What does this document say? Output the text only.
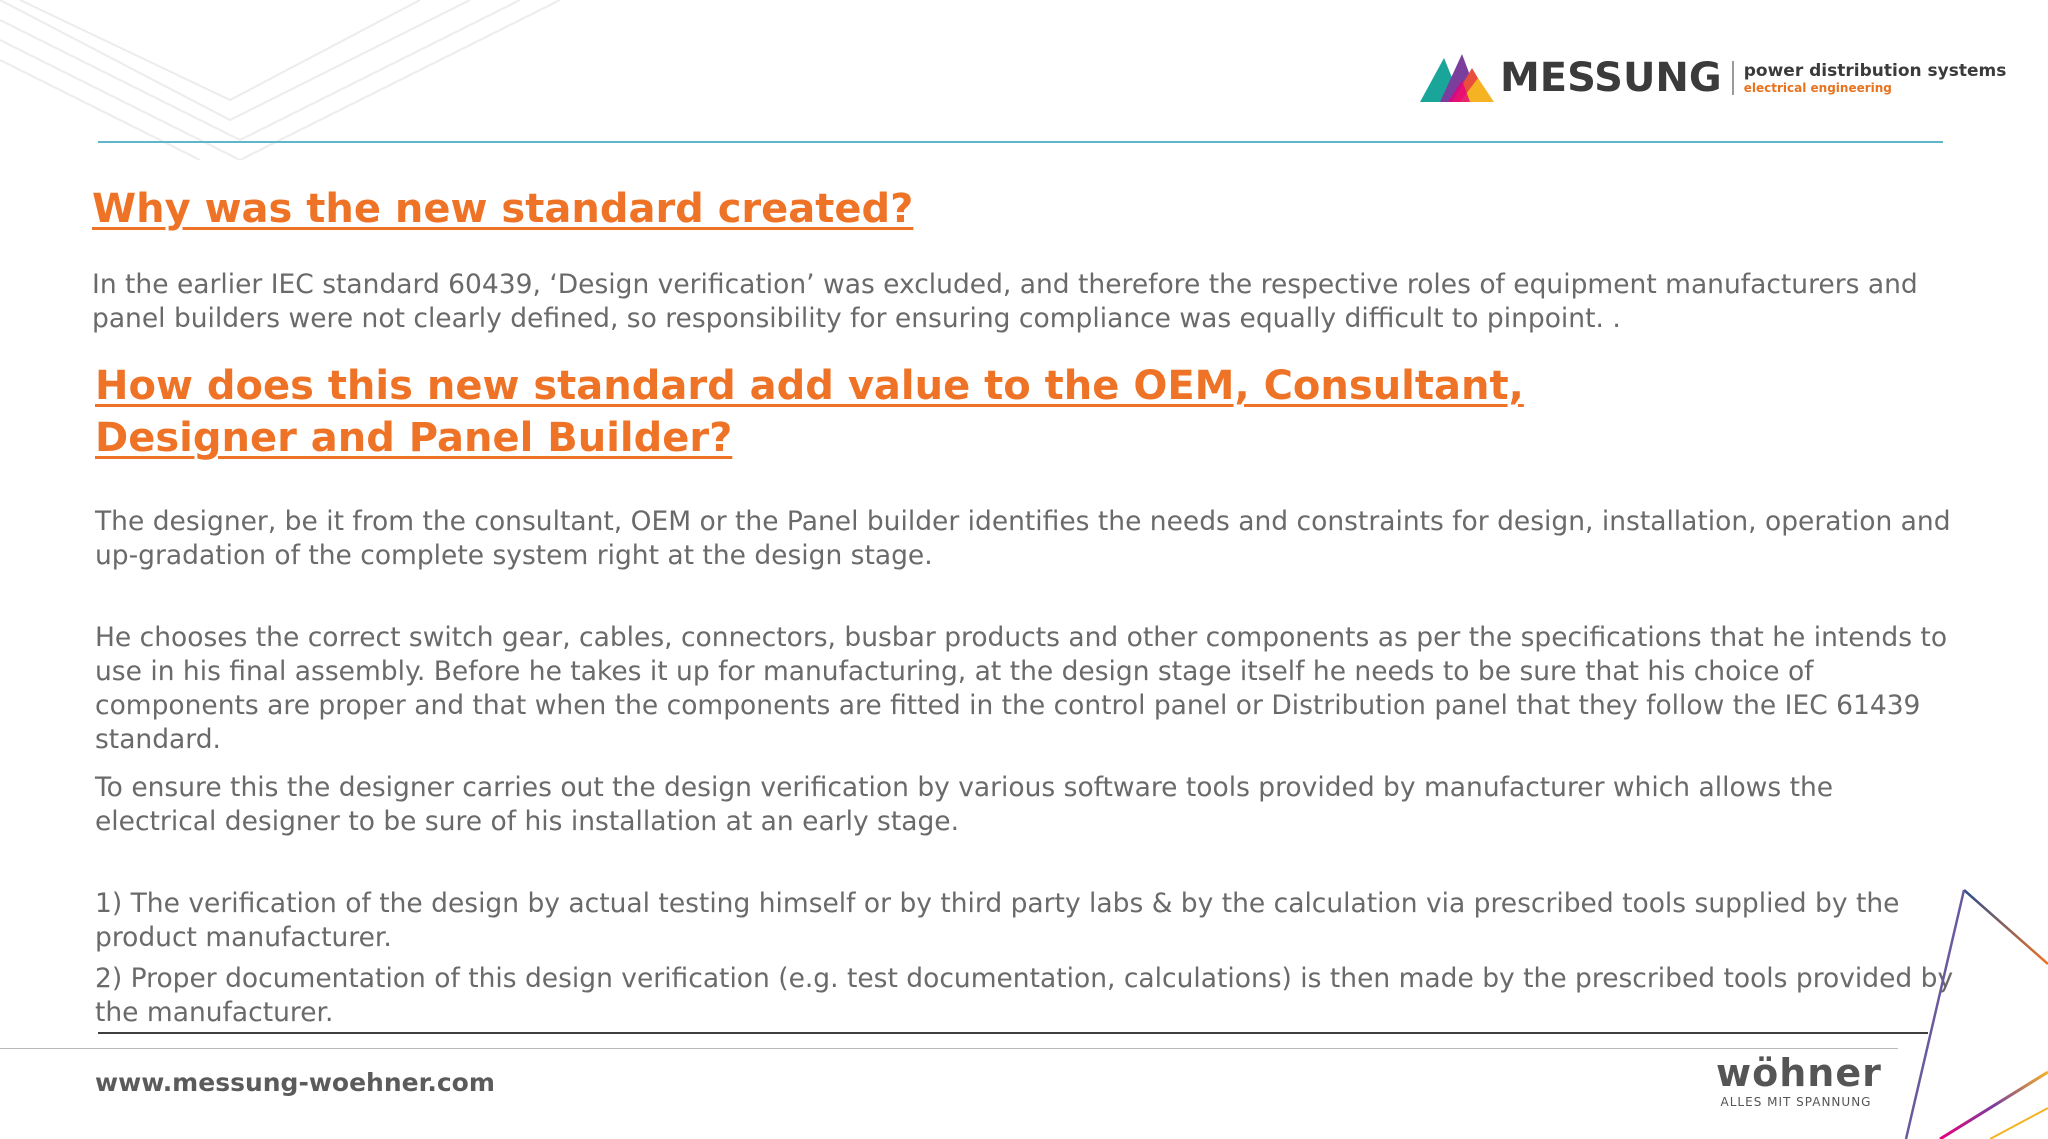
MESSUNG power distribution systems
electrical engineering
Why was the new standard created?

In the earlier IEC standard 60439, ‘Design verification’ was excluded, and therefore the respective roles of equipment manufacturers and panel builders were not clearly defined, so responsibility for ensuring compliance was equally difficult to pinpoint. .

How does this new standard add value to the OEM, Consultant, Designer and Panel Builder?

The designer, be it from the consultant, OEM or the Panel builder identifies the needs and constraints for design, installation, operation and up-gradation of the complete system right at the design stage.

He chooses the correct switch gear, cables, connectors, busbar products and other components as per the specifications that he intends to use in his final assembly. Before he takes it up for manufacturing, at the design stage itself he needs to be sure that his choice of components are proper and that when the components are fitted in the control panel or Distribution panel that they follow the IEC 61439 standard.

To ensure this the designer carries out the design verification by various software tools provided by manufacturer which allows the electrical designer to be sure of his installation at an early stage.

1) The verification of the design by actual testing himself or by third party labs & by the calculation via prescribed tools supplied by the product manufacturer.

2) Proper documentation of this design verification (e.g. test documentation, calculations) is then made by the prescribed tools provided by the manufacturer.

www.messung-woehner.com	wöhner
ALLES MIT SPANNUNG
